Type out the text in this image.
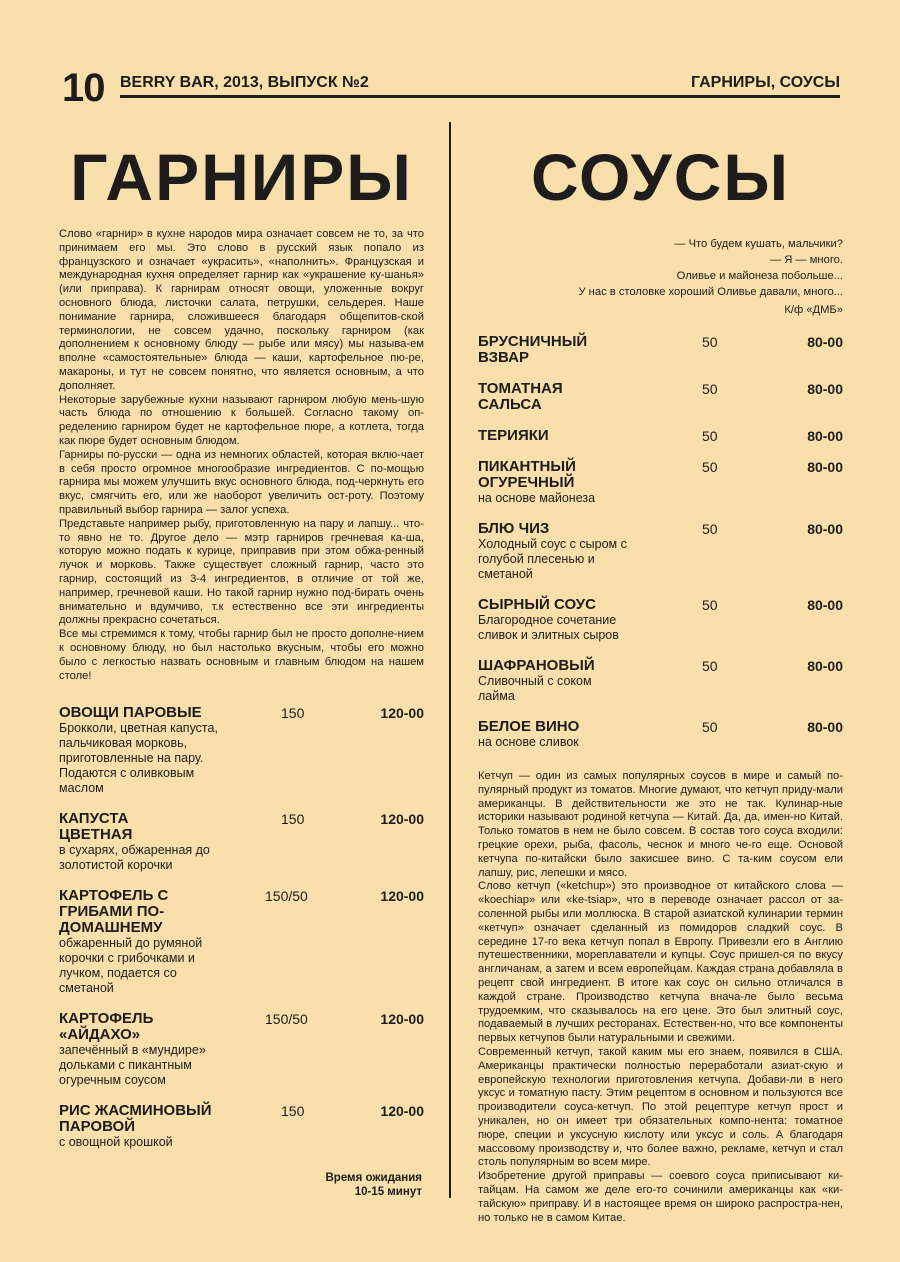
10 BERRY BAR, 2013, ВЫПУСК №2	ГАРНИРЫ, СОУСЫ
ГАРНИРЫ

Слово «гарнир» в кухне народов мира означает совсем не то, за что принимаем его мы. Это слово в русский язык попало из французского и означает «украсить», «наполнить». Французская и международная кухня определяет гарнир как «украшение ку-шанья» (или приправа). К гарнирам относят овощи, уложенные вокруг основного блюда, листочки салата, петрушки, сельдерея. Наше понимание гарнира, сложившееся благодаря общепитов-ской терминологии, не совсем удачно, поскольку гарниром (как дополнением к основному блюду — рыбе или мясу) мы называ-ем вполне «самостоятельные» блюда — каши, картофельное пю-ре, макароны, и тут не совсем понятно, что является основным, а что дополняет.

Некоторые зарубежные кухни называют гарниром любую мень-шую часть блюда по отношению к большей. Согласно такому оп-ределению гарниром будет не картофельное пюре, а котлета, тогда как пюре будет основным блюдом.

Гарниры по-русски — одна из немногих областей, которая вклю-чает в себя просто огромное многообразие ингредиентов. С по-мощью гарнира мы можем улучшить вкус основного блюда, под-черкнуть его вкус, смягчить его, или же наоборот увеличить ост-роту. Поэтому правильный выбор гарнира — залог успеха.

Представьте например рыбу, приготовленную на пару и лапшу... что-то явно не то. Другое дело — мэтр гарниров гречневая ка-ша, которую можно подать к курице, приправив при этом обжа-ренный лучок и морковь. Также существует сложный гарнир, часто это гарнир, состоящий из 3-4 ингредиентов, в отличие от той же, например, гречневой каши. Но такой гарнир нужно под-бирать очень внимательно и вдумчиво, т.к естественно все эти ингредиенты должны прекрасно сочетаться.

Все мы стремимся к тому, чтобы гарнир был не просто дополне-нием к основному блюду, но был настолько вкусным, чтобы его можно было с легкостью назвать основным и главным блюдом на нашем столе!

ОВОЩИ ПАРОВЫЕ
Брокколи, цветная капуста, пальчиковая морковь, приготовленные на пару. Подаются с оливковым маслом
150	120-00
КАПУСТА ЦВЕТНАЯ
в сухарях, обжаренная до золотистой корочки
150	120-00
КАРТОФЕЛЬ С ГРИБАМИ ПО-ДОМАШНЕМУ
обжаренный до румяной корочки с грибочками и лучком, подается со сметаной
150/50	120-00
КАРТОФЕЛЬ «АЙДАХО»
запечённый в «мундире» дольками с пикантным огуречным соусом
150/50	120-00
РИС ЖАСМИНОВЫЙ ПАРОВОЙ
с овощной крошкой
150	120-00
Время ожидания
10-15 минут
СОУСЫ
— Что будем кушать, мальчики?
— Я — много.
Оливье и майонеза побольше...
У нас в столовке хороший Оливье давали, много...
К/ф «ДМБ»
БРУСНИЧНЫЙ ВЗВАР
50	80-00
ТОМАТНАЯ САЛЬСА
50	80-00
ТЕРИЯКИ	50	80-00
ПИКАНТНЫЙ ОГУРЕЧНЫЙ
на основе майонеза
50	80-00
БЛЮ ЧИЗ
Холодный соус с сыром с голубой плесенью и сметаной
50	80-00
СЫРНЫЙ СОУС
Благородное сочетание сливок и элитных сыров
50	80-00
ШАФРАНОВЫЙ
Сливочный с соком лайма
50	80-00
БЕЛОЕ ВИНО
на основе сливок
50	80-00

Кетчуп — один из самых популярных соусов в мире и самый по-пулярный продукт из томатов. Многие думают, что кетчуп приду-мали американцы. В действительности же это не так. Кулинар-ные историки называют родиной кетчупа — Китай. Да, да, имен-но Китай. Только томатов в нем не было совсем. В состав того соуса входили: грецкие орехи, рыба, фасоль, чеснок и много че-го еще. Основой кетчупа по-китайски было закисшее вино. С та-ким соусом ели лапшу, рис, лепешки и мясо.

Слово кетчуп («ketchup») это производное от китайского слова — «koechiap» или «ke-tsiap», что в переводе означает рассол от за-соленной рыбы или моллюска. В старой азиатской кулинарии термин «кетчуп» означает сделанный из помидоров сладкий соус. В середине 17-го века кетчуп попал в Европу. Привезли его в Англию путешественники, мореплаватели и купцы. Соус пришел-ся по вкусу англичанам, а затем и всем европейцам. Каждая страна добавляла в рецепт свой ингредиент. В итоге как соус он сильно отличался в каждой стране. Производство кетчупа внача-ле было весьма трудоемким, что сказывалось на его цене. Это был элитный соус, подаваемый в лучших ресторанах. Естествен-но, что все компоненты первых кетчупов были натуральными и свежими.

Современный кетчуп, такой каким мы его знаем, появился в США. Американцы практически полностью переработали азиат-скую и европейскую технологии приготовления кетчупа. Добави-ли в него уксус и томатную пасту. Этим рецептом в основном и пользуются все производители соуса-кетчуп. По этой рецептуре кетчуп прост и уникален, но он имеет три обязательных компо-нента: томатное пюре, специи и уксусную кислоту или уксус и соль. А благодаря массовому производству и, что более важно, рекламе, кетчуп и стал столь популярным во всем мире.

Изобретение другой приправы — соевого соуса приписывают ки-тайцам. На самом же деле его-то сочинили американцы как «ки-тайскую» приправу. И в настоящее время он широко распростра-нен, но только не в самом Китае.
